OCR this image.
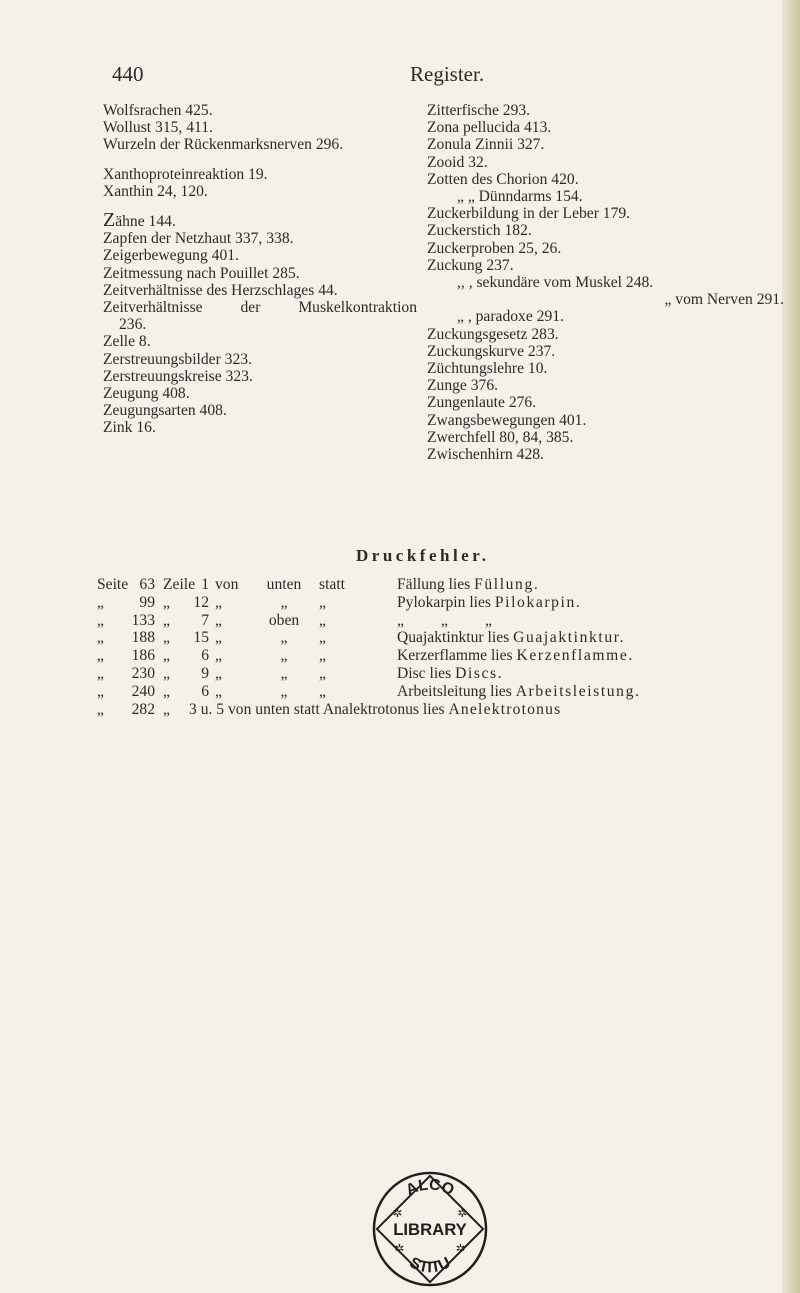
440	Register.
Wolfsrachen 425.
Wollust 315, 411.
Wurzeln der Rückenmarksnerven 296.
Xanthoproteinreaktion 19.
Xanthin 24, 120.
Zähne 144.
Zapfen der Netzhaut 337, 338.
Zeigerbewegung 401.
Zeitmessung nach Pouillet 285.
Zeitverhältnisse des Herzschlages 44.
Zeitverhältnisse der Muskelkontraktion
236.
Zelle 8.
Zerstreuungsbilder 323.
Zerstreuungskreise 323.
Zeugung 408.
Zeugungsarten 408.
Zink 16.
Zitterfische 293.
Zona pellucida 413.
Zonula Zinnii 327.
Zooid 32.
Zotten des Chorion 420.
„ „ Dünndarms 154.
Zuckerbildung in der Leber 179.
Zuckerstich 182.
Zuckerproben 25, 26.
Zuckung 237.
,, , sekundäre vom Muskel 248.
„ vom Nerven 291.
„ , paradoxe 291.
Zuckungsgesetz 283.
Zuckungskurve 237.
Züchtungslehre 10.
Zunge 376.
Zungenlaute 276.
Zwangsbewegungen 401.
Zwerchfell 80, 84, 385.
Zwischenhirn 428.
Druckfehler.
Seite 63 Zeile 1 von	unten	statt	Fällung lies Füllung.
„	99 „ 12 „	„	„	Pylokarpin lies Pilokarpin.
„ 133 „	7 „	oben	„	„ „ „
„ 188 „ 15 „	„	„	Quajaktinktur lies Guajaktinktur.
„ 186 „	6 „	„	„	Kerzerflamme lies Kerzenflamme.
„ 230 „	9 „	„	„	Disc lies Discs.
„ 240 „	6 „	„	„	Arbeitsleitung lies Arbeitsleistung.
„ 282 „ 3 u. 5 von unten statt Analektrotonus lies Anelektrotonus
ALCO
LIBRARY
STITU
✲	✲
✲	✲
